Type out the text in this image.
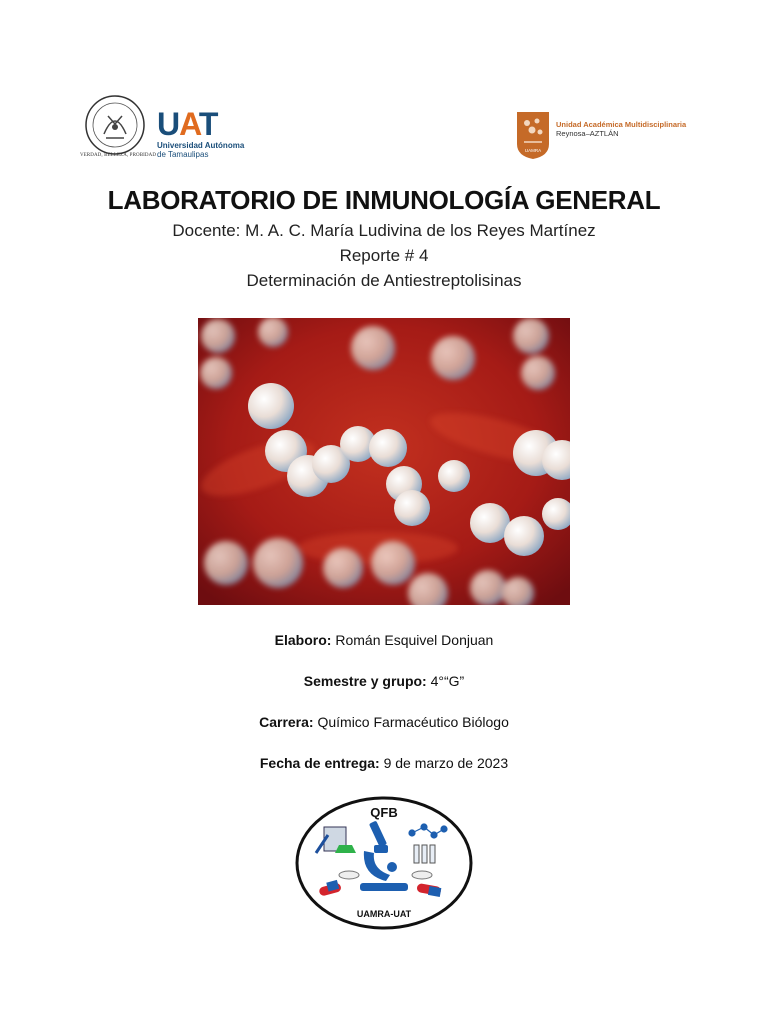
VERDAD, BELLEZA, PROBIDAD
UAT
Universidad Autónoma
de Tamaulipas	UAMRA
Unidad Académica Multidisciplinaria
Reynosa–AZTLÁN
LABORATORIO DE INMUNOLOGÍA GENERAL
Docente: M. A. C. María Ludivina de los Reyes Martínez
Reporte # 4
Determinación de Antiestreptolisinas
Elaboro: Román Esquivel Donjuan
Semestre y grupo: 4°“G”
Carrera: Químico Farmacéutico Biólogo
Fecha de entrega: 9 de marzo de 2023
QFB
UAMRA-UAT
